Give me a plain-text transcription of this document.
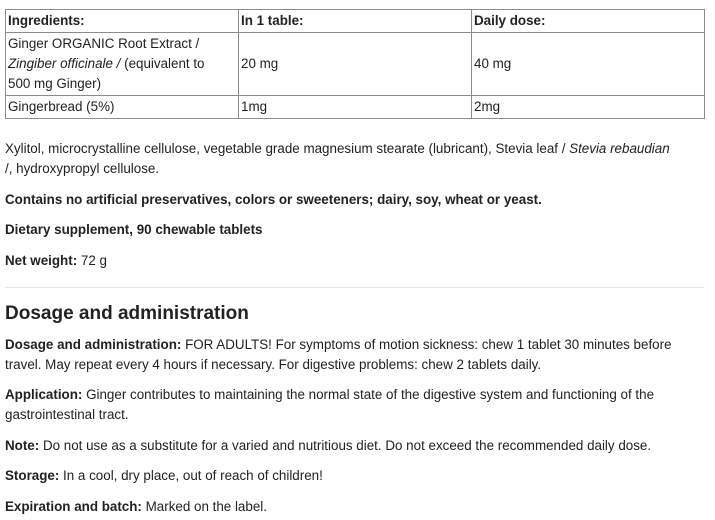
Ingredients:	In 1 table:	Daily dose:
Ginger ORGANIC Root Extract /
Zingiber officinale / (equivalent to
500 mg Ginger)	20 mg	40 mg
Gingerbread (5%)	1mg	2mg

Xylitol, microcrystalline cellulose, vegetable grade magnesium stearate (lubricant), Stevia leaf / Stevia rebaudian
/, hydroxypropyl cellulose.

Contains no artificial preservatives, colors or sweeteners; dairy, soy, wheat or yeast.

Dietary supplement, 90 chewable tablets

Net weight: 72 g

Dosage and administration

Dosage and administration: FOR ADULTS! For symptoms of motion sickness: chew 1 tablet 30 minutes before travel. May repeat every 4 hours if necessary. For digestive problems: chew 2 tablets daily.

Application: Ginger contributes to maintaining the normal state of the digestive system and functioning of the gastrointestinal tract.

Note: Do not use as a substitute for a varied and nutritious diet. Do not exceed the recommended daily dose.

Storage: In a cool, dry place, out of reach of children!

Expiration and batch: Marked on the label.
